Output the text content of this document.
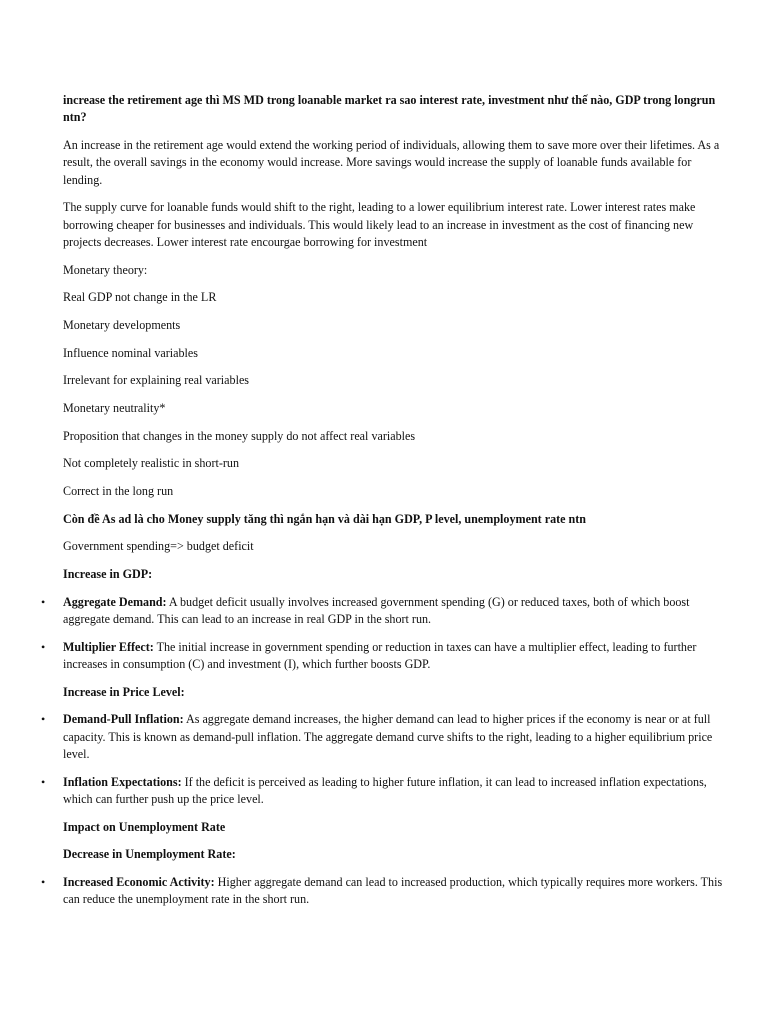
increase the retirement age thì MS MD trong loanable market ra sao interest rate, investment như thế nào, GDP trong longrun ntn?

An increase in the retirement age would extend the working period of individuals, allowing them to save more over their lifetimes. As a result, the overall savings in the economy would increase. More savings would increase the supply of loanable funds available for lending.

The supply curve for loanable funds would shift to the right, leading to a lower equilibrium interest rate. Lower interest rates make borrowing cheaper for businesses and individuals. This would likely lead to an increase in investment as the cost of financing new projects decreases. Lower interest rate encourgae borrowing for investment

Monetary theory:

Real GDP not change in the LR

Monetary developments

Influence nominal variables

Irrelevant for explaining real variables

Monetary neutrality*

Proposition that changes in the money supply do not affect real variables

Not completely realistic in short-run

Correct in the long run

Còn đề As ad là cho Money supply tăng thì ngắn hạn và dài hạn GDP, P level, unemployment rate ntn

Government spending=> budget deficit

Increase in GDP:

• Aggregate Demand: A budget deficit usually involves increased government spending (G) or reduced taxes, both of which boost aggregate demand. This can lead to an increase in real GDP in the short run.
• Multiplier Effect: The initial increase in government spending or reduction in taxes can have a multiplier effect, leading to further increases in consumption (C) and investment (I), which further boosts GDP.

Increase in Price Level:

• Demand-Pull Inflation: As aggregate demand increases, the higher demand can lead to higher prices if the economy is near or at full capacity. This is known as demand-pull inflation. The aggregate demand curve shifts to the right, leading to a higher equilibrium price level.
• Inflation Expectations: If the deficit is perceived as leading to higher future inflation, it can lead to increased inflation expectations, which can further push up the price level.

Impact on Unemployment Rate

Decrease in Unemployment Rate:

• Increased Economic Activity: Higher aggregate demand can lead to increased production, which typically requires more workers. This can reduce the unemployment rate in the short run.
